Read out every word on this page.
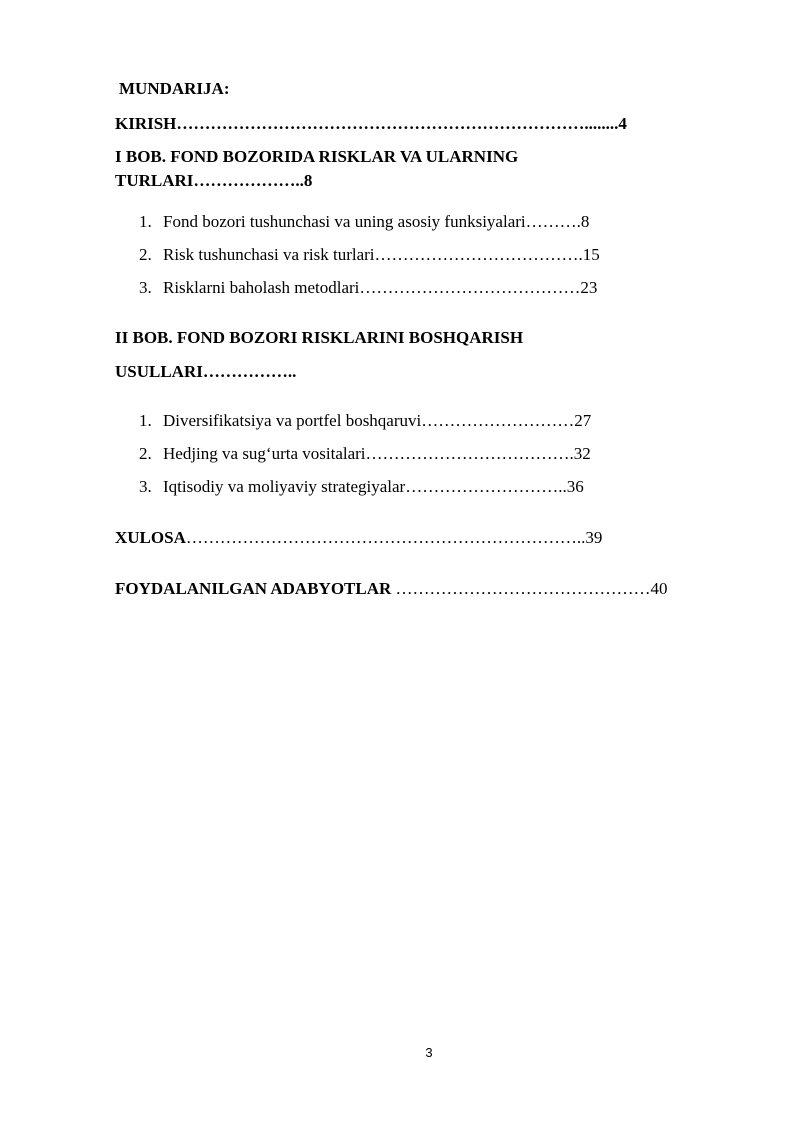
MUNDARIJA:
KIRISH………………………………………………………………........4
I BOB. FOND BOZORIDA RISKLAR VA ULARNING
TURLARI………………..8
1. Fond bozori tushunchasi va uning asosiy funksiyalari……….8
2. Risk tushunchasi va risk turlari……………………………….15
3. Risklarni baholash metodlari…………………………………23
II BOB. FOND BOZORI RISKLARINI BOSHQARISH
USULLARI……………..
1. Diversifikatsiya va portfel boshqaruvi………………………27
2. Hedjing va sug‘urta vositalari……………………………….32
3. Iqtisodiy va moliyaviy strategiyalar………………………..36
XULOSA……………………………………………………………..39
FOYDALANILGAN ADABYOTLAR ………………………………………40
3
